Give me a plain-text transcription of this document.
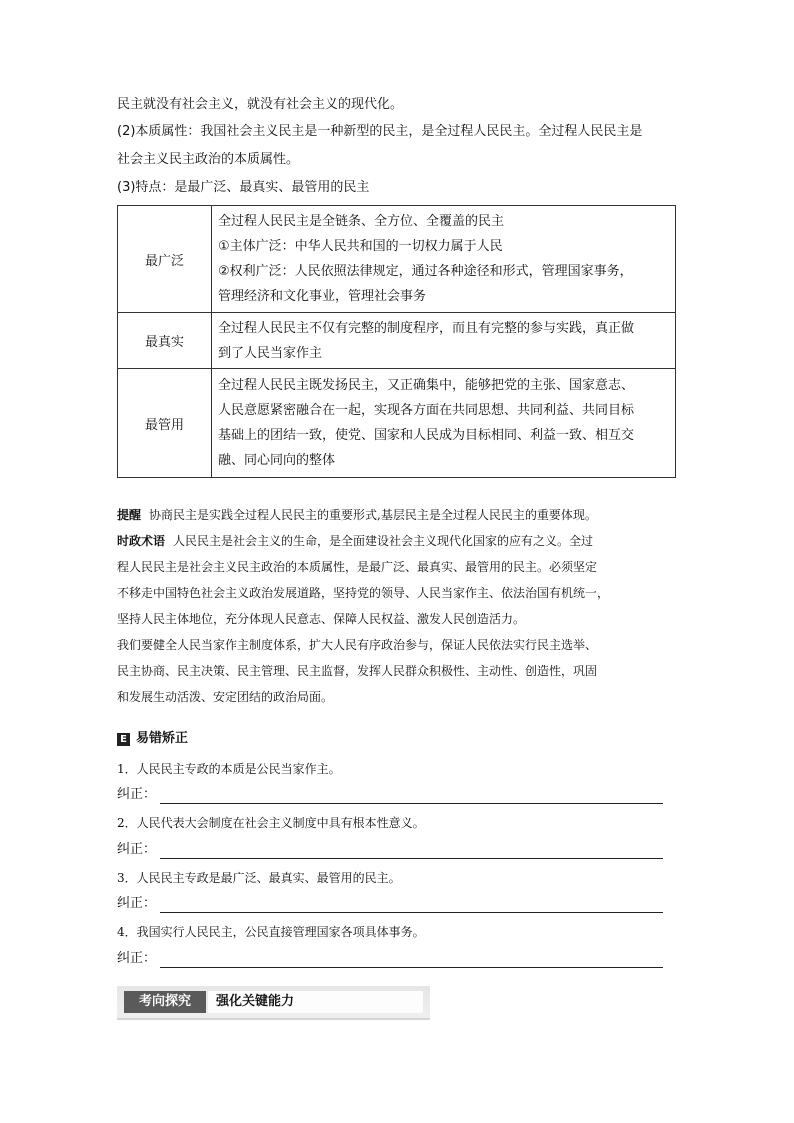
民主就没有社会主义，就没有社会主义的现代化。
(2)本质属性：我国社会主义民主是一种新型的民主，是全过程人民民主。全过程人民民主是
社会主义民主政治的本质属性。
(3)特点：是最广泛、最真实、最管用的民主
最广泛	全过程人民民主是全链条、全方位、全覆盖的民主
①主体广泛：中华人民共和国的一切权力属于人民
②权利广泛：人民依照法律规定，通过各种途径和形式，管理国家事务，
管理经济和文化事业，管理社会事务

最真实	全过程人民民主不仅有完整的制度程序，而且有完整的参与实践，真正做
到了人民当家作主

最管用	全过程人民民主既发扬民主，又正确集中，能够把党的主张、国家意志、
人民意愿紧密融合在一起，实现各方面在共同思想、共同利益、共同目标
基础上的团结一致，使党、国家和人民成为目标相同、利益一致、相互交
融、同心同向的整体
提醒 协商民主是实践全过程人民民主的重要形式,基层民主是全过程人民民主的重要体现。
时政术语 人民民主是社会主义的生命，是全面建设社会主义现代化国家的应有之义。全过
程人民民主是社会主义民主政治的本质属性，是最广泛、最真实、最管用的民主。必须坚定
不移走中国特色社会主义政治发展道路，坚持党的领导、人民当家作主、依法治国有机统一，
坚持人民主体地位，充分体现人民意志、保障人民权益、激发人民创造活力。
我们要健全人民当家作主制度体系，扩大人民有序政治参与，保证人民依法实行民主选举、
民主协商、民主决策、民主管理、民主监督，发挥人民群众积极性、主动性、创造性，巩固
和发展生动活泼、安定团结的政治局面。
E 易错矫正
1．人民民主专政的本质是公民当家作主。
纠正：
2．人民代表大会制度在社会主义制度中具有根本性意义。
纠正：
3．人民民主专政是最广泛、最真实、最管用的民主。
纠正：
4．我国实行人民民主，公民直接管理国家各项具体事务。
纠正：
考向探究	强化关键能力
